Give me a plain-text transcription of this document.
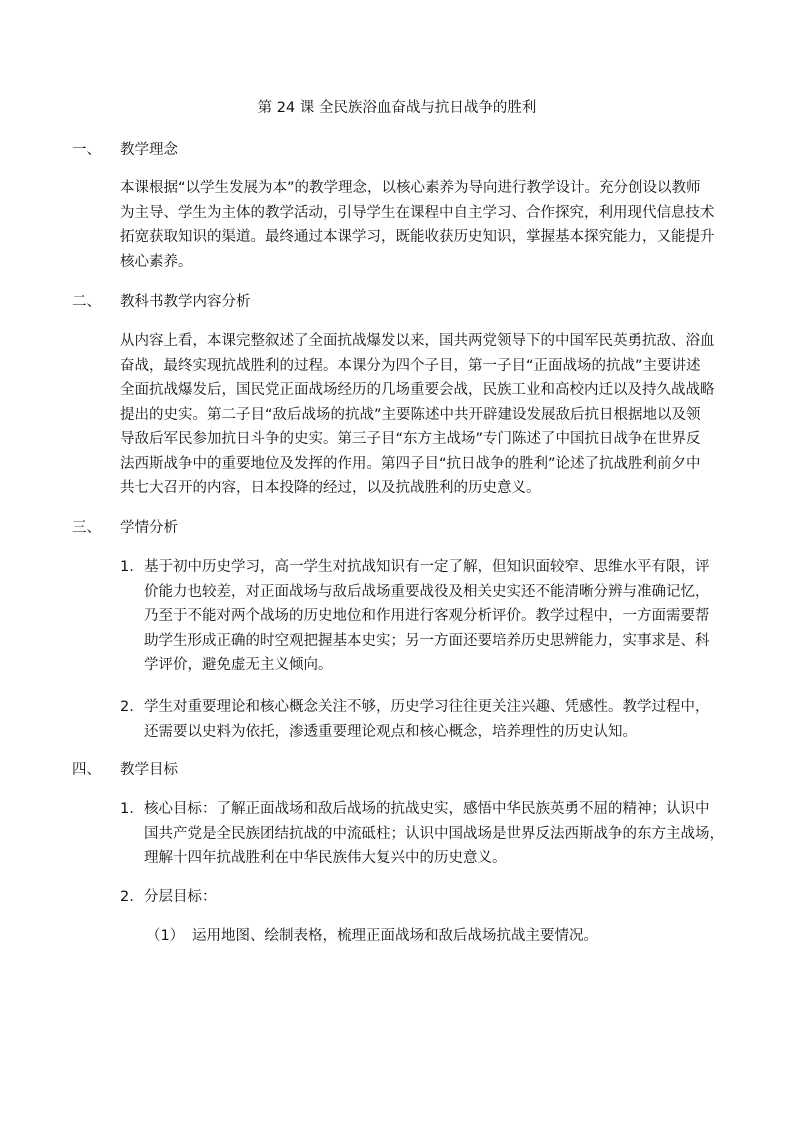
第 24 课 全民族浴血奋战与抗日战争的胜利
一、 教学理念
本课根据“以学生发展为本”的教学理念，以核心素养为导向进行教学设计。充分创设以教师
为主导、学生为主体的教学活动，引导学生在课程中自主学习、合作探究，利用现代信息技术
拓宽获取知识的渠道。最终通过本课学习，既能收获历史知识，掌握基本探究能力，又能提升
核心素养。
二、 教科书教学内容分析
从内容上看，本课完整叙述了全面抗战爆发以来，国共两党领导下的中国军民英勇抗敌、浴血
奋战，最终实现抗战胜利的过程。本课分为四个子目，第一子目“正面战场的抗战”主要讲述
全面抗战爆发后，国民党正面战场经历的几场重要会战，民族工业和高校内迁以及持久战战略
提出的史实。第二子目“敌后战场的抗战”主要陈述中共开辟建设发展敌后抗日根据地以及领
导敌后军民参加抗日斗争的史实。第三子目“东方主战场”专门陈述了中国抗日战争在世界反
法西斯战争中的重要地位及发挥的作用。第四子目“抗日战争的胜利”论述了抗战胜利前夕中
共七大召开的内容，日本投降的经过，以及抗战胜利的历史意义。
三、 学情分析
1. 基于初中历史学习，高一学生对抗战知识有一定了解，但知识面较窄、思维水平有限，评
价能力也较差，对正面战场与敌后战场重要战役及相关史实还不能清晰分辨与准确记忆，
乃至于不能对两个战场的历史地位和作用进行客观分析评价。教学过程中，一方面需要帮
助学生形成正确的时空观把握基本史实；另一方面还要培养历史思辨能力，实事求是、科
学评价，避免虚无主义倾向。
2. 学生对重要理论和核心概念关注不够，历史学习往往更关注兴趣、凭感性。教学过程中，
还需要以史料为依托，渗透重要理论观点和核心概念，培养理性的历史认知。
四、 教学目标
1. 核心目标：了解正面战场和敌后战场的抗战史实，感悟中华民族英勇不屈的精神；认识中
国共产党是全民族团结抗战的中流砥柱；认识中国战场是世界反法西斯战争的东方主战场，
理解十四年抗战胜利在中华民族伟大复兴中的历史意义。
2. 分层目标：
（1） 运用地图、绘制表格，梳理正面战场和敌后战场抗战主要情况。
